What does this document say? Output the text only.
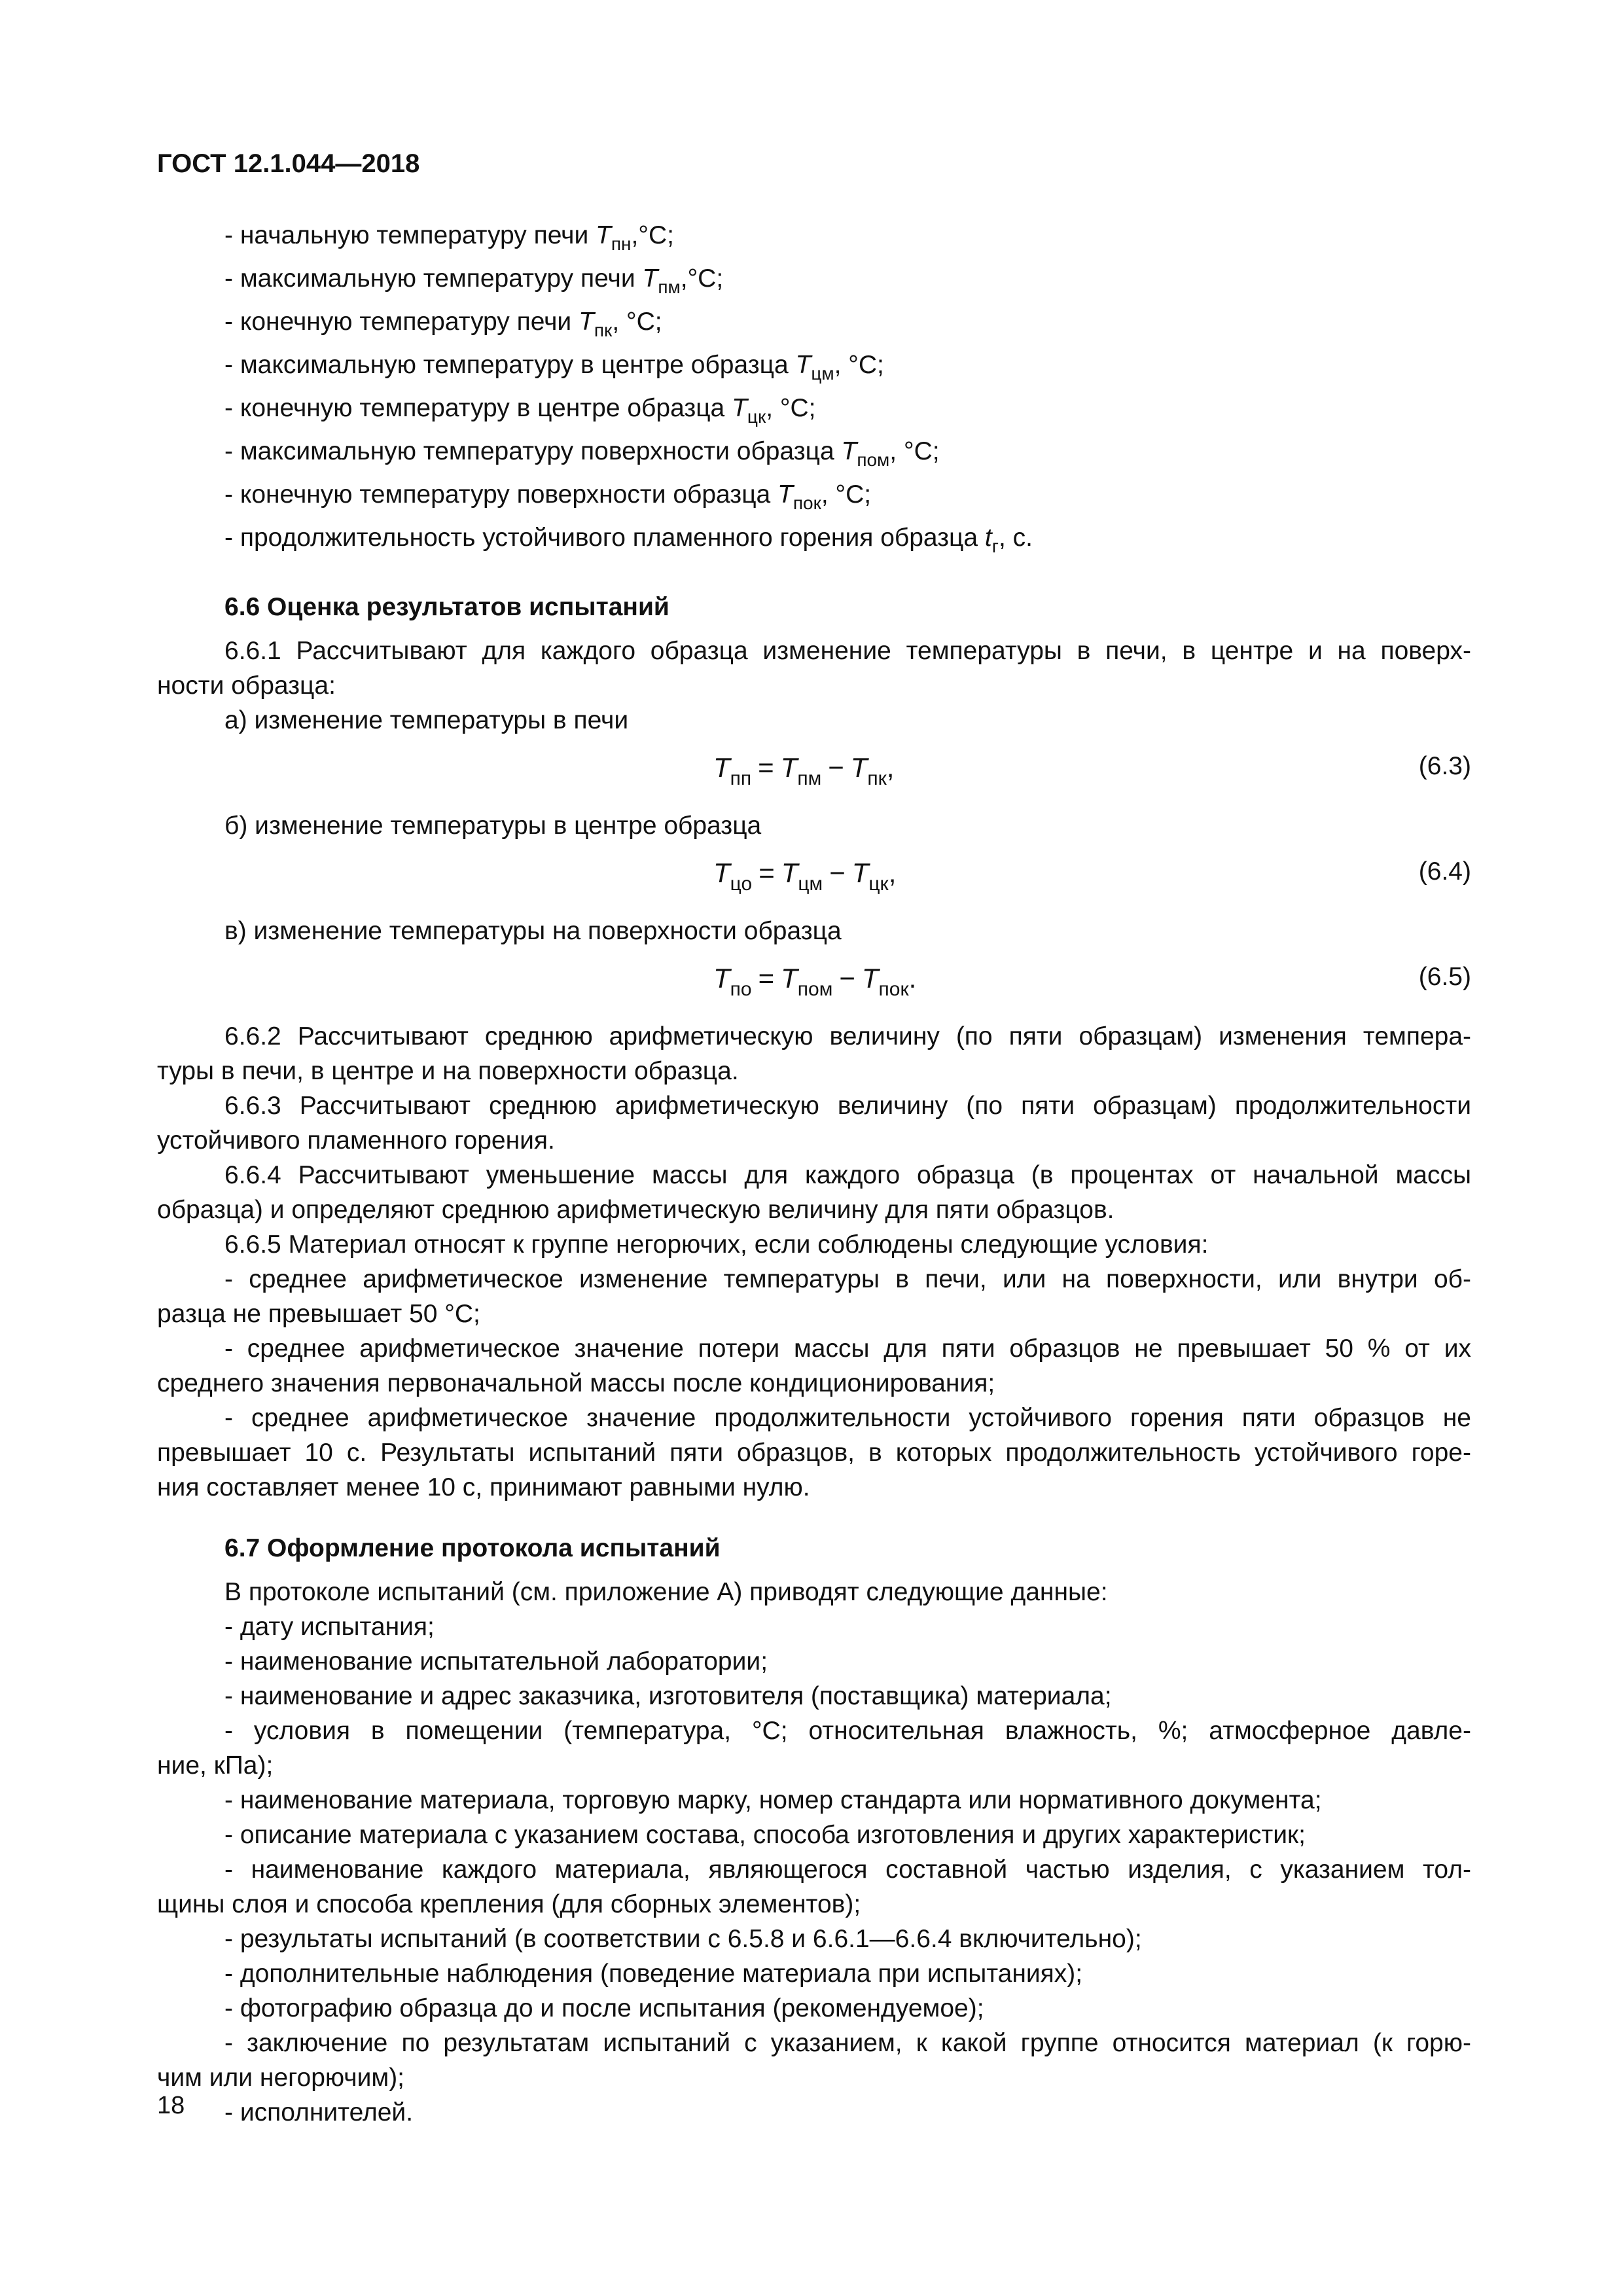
ГОСТ 12.1.044—2018
- начальную температуру печи $T_{пн},^\circ С$;
- максимальную температуру печи $T_{пм},^\circ С$;
- конечную температуру печи $T_{пк}$, °С;
- максимальную температуру в центре образца $T_{цм}$, °С;
- конечную температуру в центре образца $T_{цк}$, °С;
- максимальную температуру поверхности образца $T_{пом}$, °С;
- конечную температуру поверхности образца $T_{пок}$, °С;
- продолжительность устойчивого пламенного горения образца $t_г$, с.
6.6 Оценка результатов испытаний
6.6.1 Рассчитывают для каждого образца изменение температуры в печи, в центре и на поверх-
ности образца:
а) изменение температуры в печи
$T_{пп} = T_{пм} - T_{пк}$,	(6.3)
б) изменение температуры в центре образца
$T_{цо} = T_{цм} - T_{цк}$,	(6.4)
в) изменение температуры на поверхности образца
$T_{по} = T_{пом} - T_{пок}$.	(6.5)
6.6.2 Рассчитывают среднюю арифметическую величину (по пяти образцам) изменения темпера-
туры в печи, в центре и на поверхности образца.
6.6.3 Рассчитывают среднюю арифметическую величину (по пяти образцам) продолжительности
устойчивого пламенного горения.
6.6.4 Рассчитывают уменьшение массы для каждого образца (в процентах от начальной массы
образца) и определяют среднюю арифметическую величину для пяти образцов.
6.6.5 Материал относят к группе негорючих, если соблюдены следующие условия:
- среднее арифметическое изменение температуры в печи, или на поверхности, или внутри об-
разца не превышает 50 °С;
- среднее арифметическое значение потери массы для пяти образцов не превышает 50 % от их
среднего значения первоначальной массы после кондиционирования;
- среднее арифметическое значение продолжительности устойчивого горения пяти образцов не
превышает 10 с. Результаты испытаний пяти образцов, в которых продолжительность устойчивого горе-
ния составляет менее 10 с, принимают равными нулю.
6.7 Оформление протокола испытаний
В протоколе испытаний (см. приложение А) приводят следующие данные:
- дату испытания;
- наименование испытательной лаборатории;
- наименование и адрес заказчика, изготовителя (поставщика) материала;
- условия в помещении (температура, °С; относительная влажность, %; атмосферное давле-
ние, кПа);
- наименование материала, торговую марку, номер стандарта или нормативного документа;
- описание материала с указанием состава, способа изготовления и других характеристик;
- наименование каждого материала, являющегося составной частью изделия, с указанием тол-
щины слоя и способа крепления (для сборных элементов);
- результаты испытаний (в соответствии с 6.5.8 и 6.6.1—6.6.4 включительно);
- дополнительные наблюдения (поведение материала при испытаниях);
- фотографию образца до и после испытания (рекомендуемое);
- заключение по результатам испытаний с указанием, к какой группе относится материал (к горю-
чим или негорючим);
- исполнителей.
18
